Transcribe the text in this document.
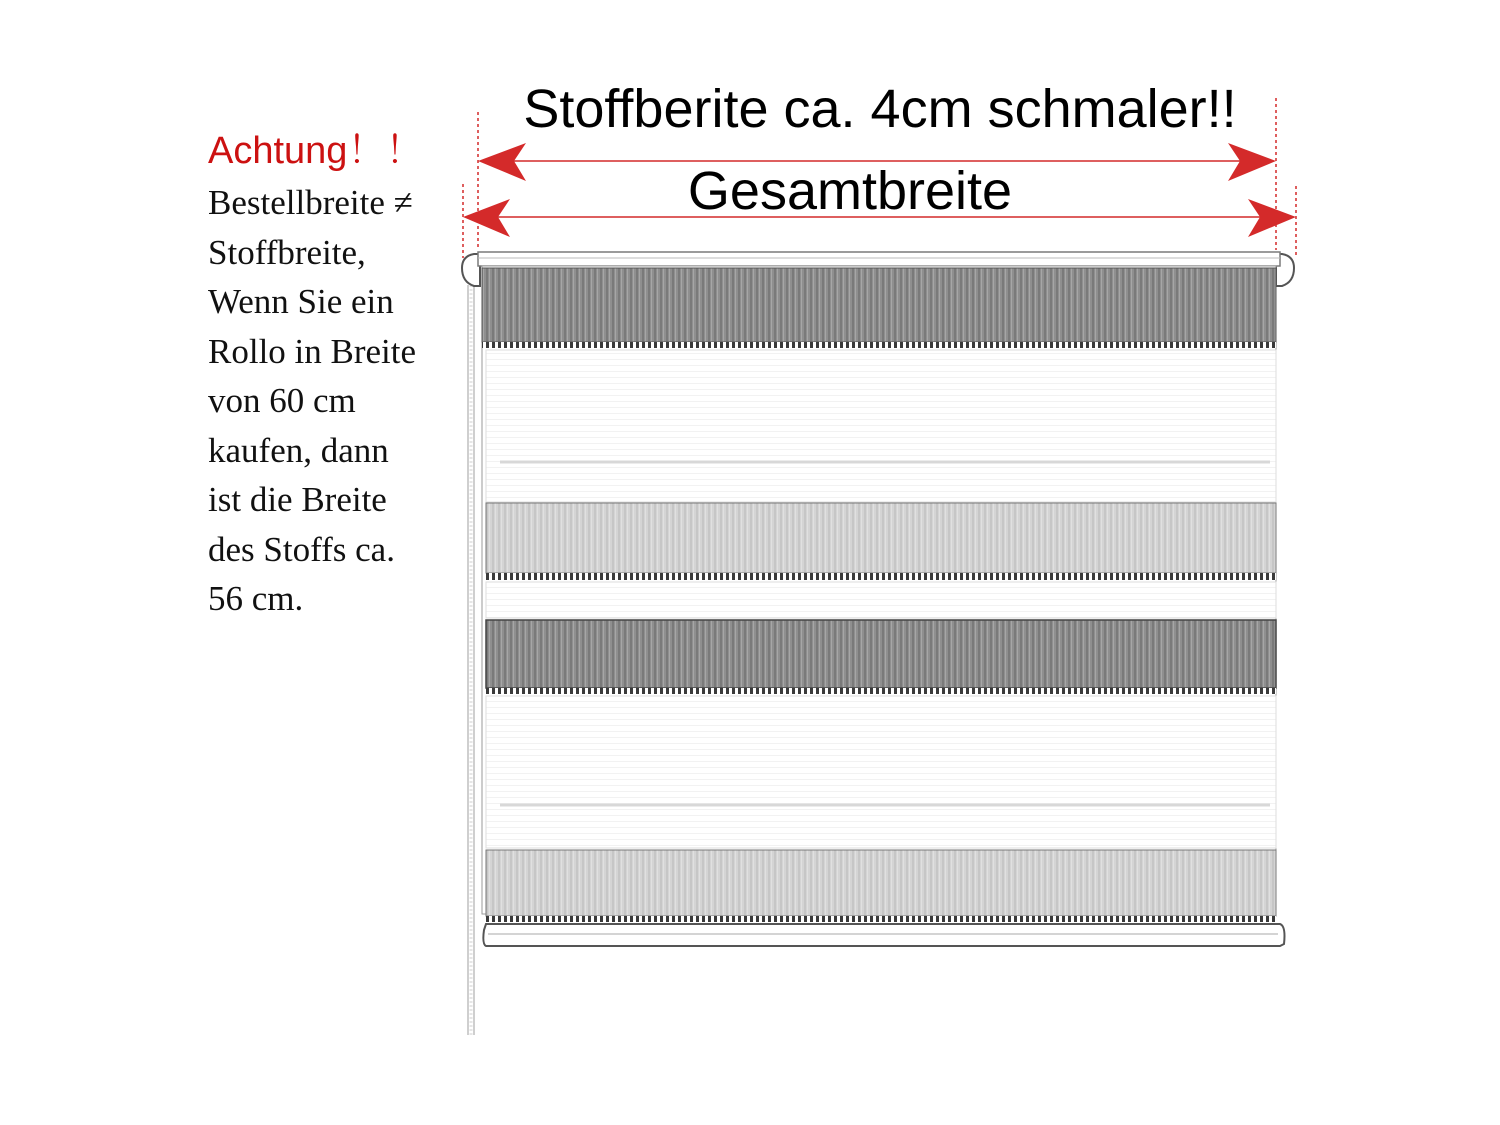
Achtung！！
Bestellbreite ≠
Stoffbreite,
Wenn Sie ein
Rollo in Breite
von 60 cm
kaufen, dann
ist die Breite
des Stoffs ca.
56 cm.
Stoffberite ca. 4cm schmaler!!
Gesamtbreite
